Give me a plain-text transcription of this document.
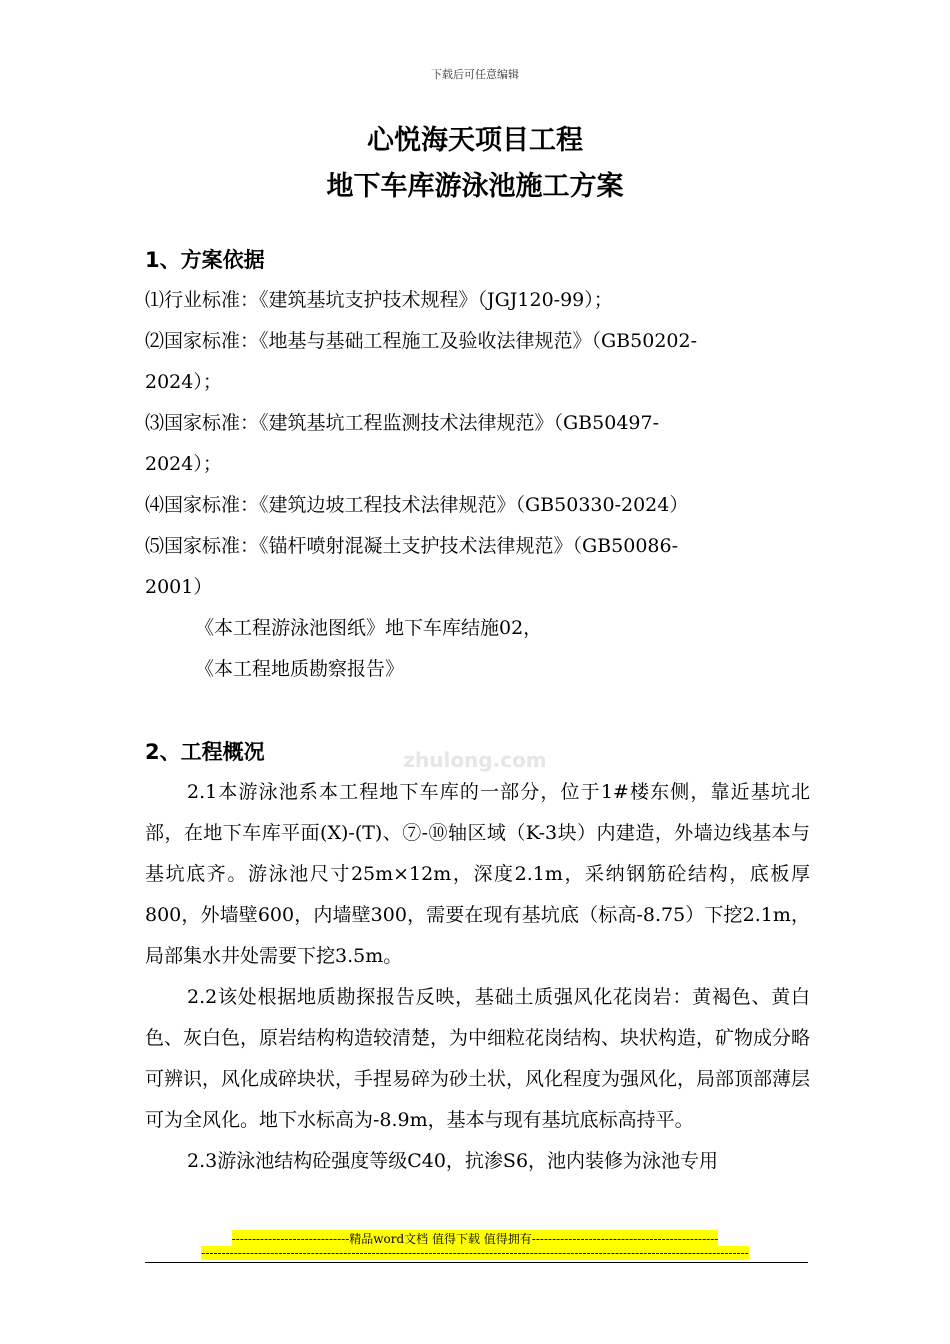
下载后可任意编辑
心悦海天项目工程
地下车库游泳池施工方案
zhulong.com
1、方案依据
⑴行业标准：《建筑基坑支护技术规程》（JGJ120-99）；
⑵国家标准：《地基与基础工程施工及验收法律规范》（GB50202-
2024）；
⑶国家标准：《建筑基坑工程监测技术法律规范》（GB50497-
2024）；
⑷国家标准：《建筑边坡工程技术法律规范》（GB50330-2024）
⑸国家标准：《锚杆喷射混凝土支护技术法律规范》（GB50086-
2001）
《本工程游泳池图纸》地下车库结施02，
《本工程地质勘察报告》
2、工程概况

2.1本游泳池系本工程地下车库的一部分，位于1#楼东侧，靠近基坑北部，在地下车库平面(X)-(T)、⑦-⑩轴区域（K-3块）内建造，外墙边线基本与基坑底齐。游泳池尺寸25m×12m，深度2.1m，采纳钢筋砼结构，底板厚800，外墙壁600，内墙壁300，需要在现有基坑底（标高-8.75）下挖2.1m，局部集水井处需要下挖3.5m。

2.2该处根据地质勘探报告反映，基础土质强风化花岗岩：黄褐色、黄白色、灰白色，原岩结构构造较清楚，为中细粒花岗结构、块状构造，矿物成分略可辨识，风化成碎块状，手捏易碎为砂土状，风化程度为强风化，局部顶部薄层可为全风化。地下水标高为-8.9m，基本与现有基坑底标高持平。

2.3游泳池结构砼强度等级C40，抗渗S6，池内装修为泳池专用

-----------------------------精品word文档 值得下载 值得拥有----------------------------------------------
---------------------------------------------------------------------------------------------------------------------------------------
